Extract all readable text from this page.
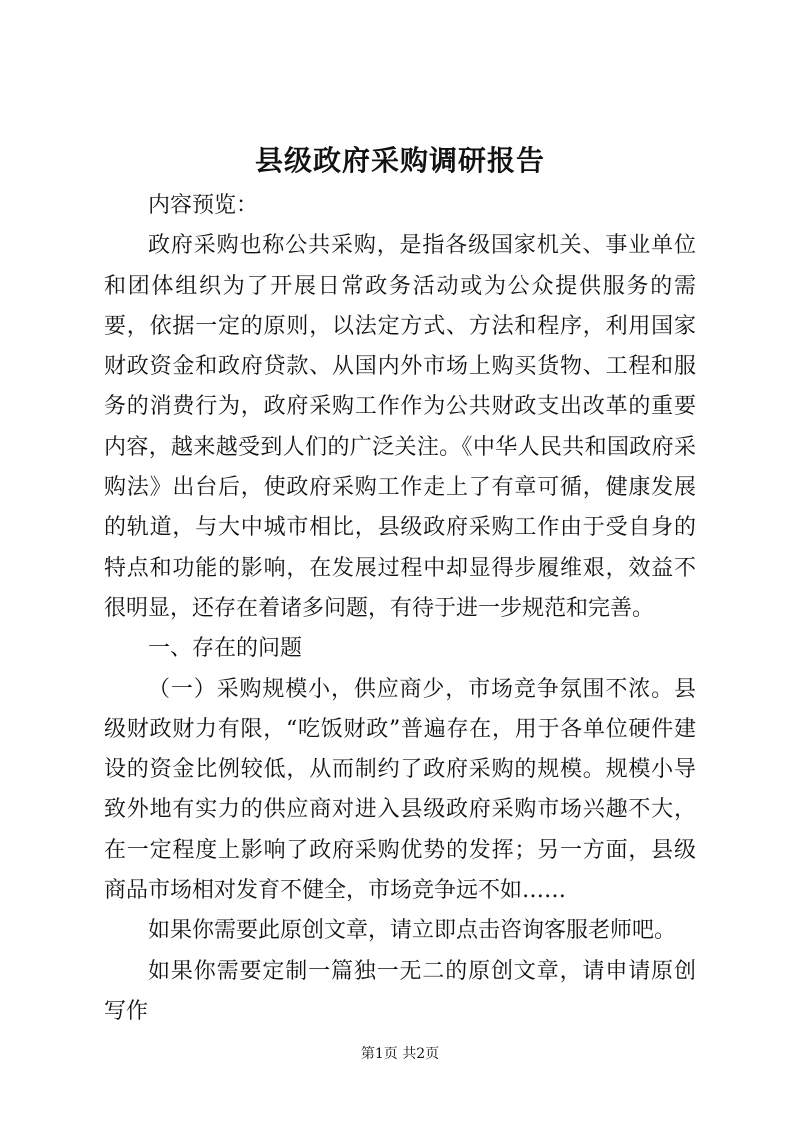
县级政府采购调研报告

内容预览：

政府采购也称公共采购，是指各级国家机关、事业单位和团体组织为了开展日常政务活动或为公众提供服务的需要，依据一定的原则，以法定方式、方法和程序，利用国家财政资金和政府贷款、从国内外市场上购买货物、工程和服务的消费行为，政府采购工作作为公共财政支出改革的重要内容，越来越受到人们的广泛关注。《中华人民共和国政府采购法》出台后，使政府采购工作走上了有章可循，健康发展的轨道，与大中城市相比，县级政府采购工作由于受自身的特点和功能的影响，在发展过程中却显得步履维艰，效益不很明显，还存在着诸多问题，有待于进一步规范和完善。

一、存在的问题

（一）采购规模小，供应商少，市场竞争氛围不浓。县级财政财力有限，“吃饭财政”普遍存在，用于各单位硬件建设的资金比例较低，从而制约了政府采购的规模。规模小导致外地有实力的供应商对进入县级政府采购市场兴趣不大，在一定程度上影响了政府采购优势的发挥；另一方面，县级商品市场相对发育不健全，市场竞争远不如……

如果你需要此原创文章，请立即点击咨询客服老师吧。

如果你需要定制一篇独一无二的原创文章，请申请原创写作

第1页 共2页
